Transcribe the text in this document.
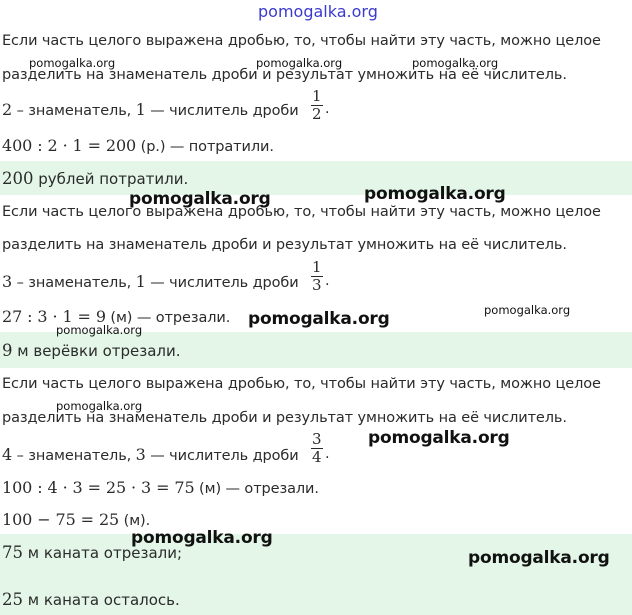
pomogalka.org
Если часть целого выражена дробью, то, чтобы найти эту часть, можно целое
разделить на знаменатель дроби и результат умножить на её числитель.
2 – знаменатель, 1 — числитель дроби $\frac{1}{2}$ .
400 : 2 · 1 = 200 (р.) — потратили.
200 рублей потратили.
Если часть целого выражена дробью, то, чтобы найти эту часть, можно целое
разделить на знаменатель дроби и результат умножить на её числитель.
3 – знаменатель, 1 — числитель дроби $\frac{1}{3}$ .
27 : 3 · 1 = 9 (м) — отрезали.
9 м верёвки отрезали.
Если часть целого выражена дробью, то, чтобы найти эту часть, можно целое
разделить на знаменатель дроби и результат умножить на её числитель.
4 – знаменатель, 3 — числитель дроби $\frac{3}{4}$ .
100 : 4 · 3 = 25 · 3 = 75 (м) — отрезали.
100 − 75 = 25 (м).
75 м каната отрезали;
25 м каната осталось.
pomogalka.org	pomogalka.org	pomogalka.org
pomogalka.org	pomogalka.org
pomogalka.org	pomogalka.org
pomogalka.org
pomogalka.org
pomogalka.org
pomogalka.org
pomogalka.org
